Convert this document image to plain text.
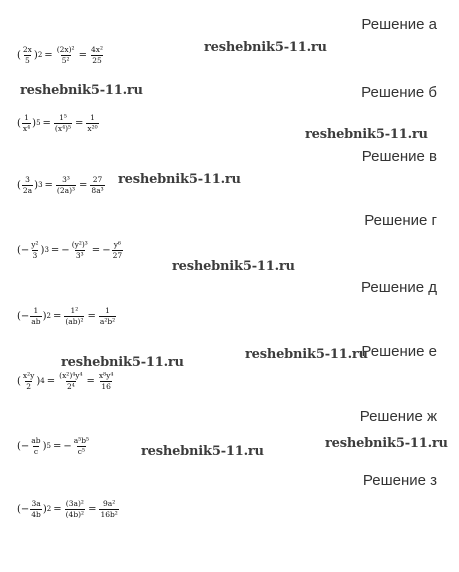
Решение а
Решение б
Решение в
Решение г
Решение д
Решение е
Решение ж
Решение з
( $\frac{2x}{5}$ ) $2 = \frac{\text{(2x)²}}{\text{5²}} = \frac{\text{4x²}}{25}$
( $\frac{1}{\text{x⁴}}$ ) $5 = \frac{\text{1⁵}}{\text{(x⁴)⁵}} = \frac{1}{\text{x²⁰}}$
( $\frac{3}{2a}$ ) $3 = \frac{\text{3³}}{\text{(2a)³}} = \frac{27}{\text{8a³}}$
(− $\frac{\text{y²}}{3}$ ) 3 = − $\frac{\text{(y²)³}}{\text{3³}}$ = − $\frac{\text{y⁶}}{27}$
(− $\frac{1}{ab}$ ) $2 = \frac{\text{1²}}{\text{(ab)²}} = \frac{1}{\text{a²b²}}$
( $\frac{\text{x²y}}{2}$ ) $4 = \frac{\text{(x²)⁴y⁴}}{\text{2⁴}} = \frac{\text{x⁸y⁴}}{16}$
(− $\frac{ab}{c}$ ) 5 = − $\frac{\text{a⁵b⁵}}{\text{c⁵}}$
(− $\frac{3a}{4b}$ ) $2 = \frac{\text{(3a)²}}{\text{(4b)²}} = \frac{\text{9a²}}{\text{16b²}}$
reshebnik5-11.ru
reshebnik5-11.ru
reshebnik5-11.ru
reshebnik5-11.ru
reshebnik5-11.ru
reshebnik5-11.ru
reshebnik5-11.ru
reshebnik5-11.ru
reshebnik5-11.ru
